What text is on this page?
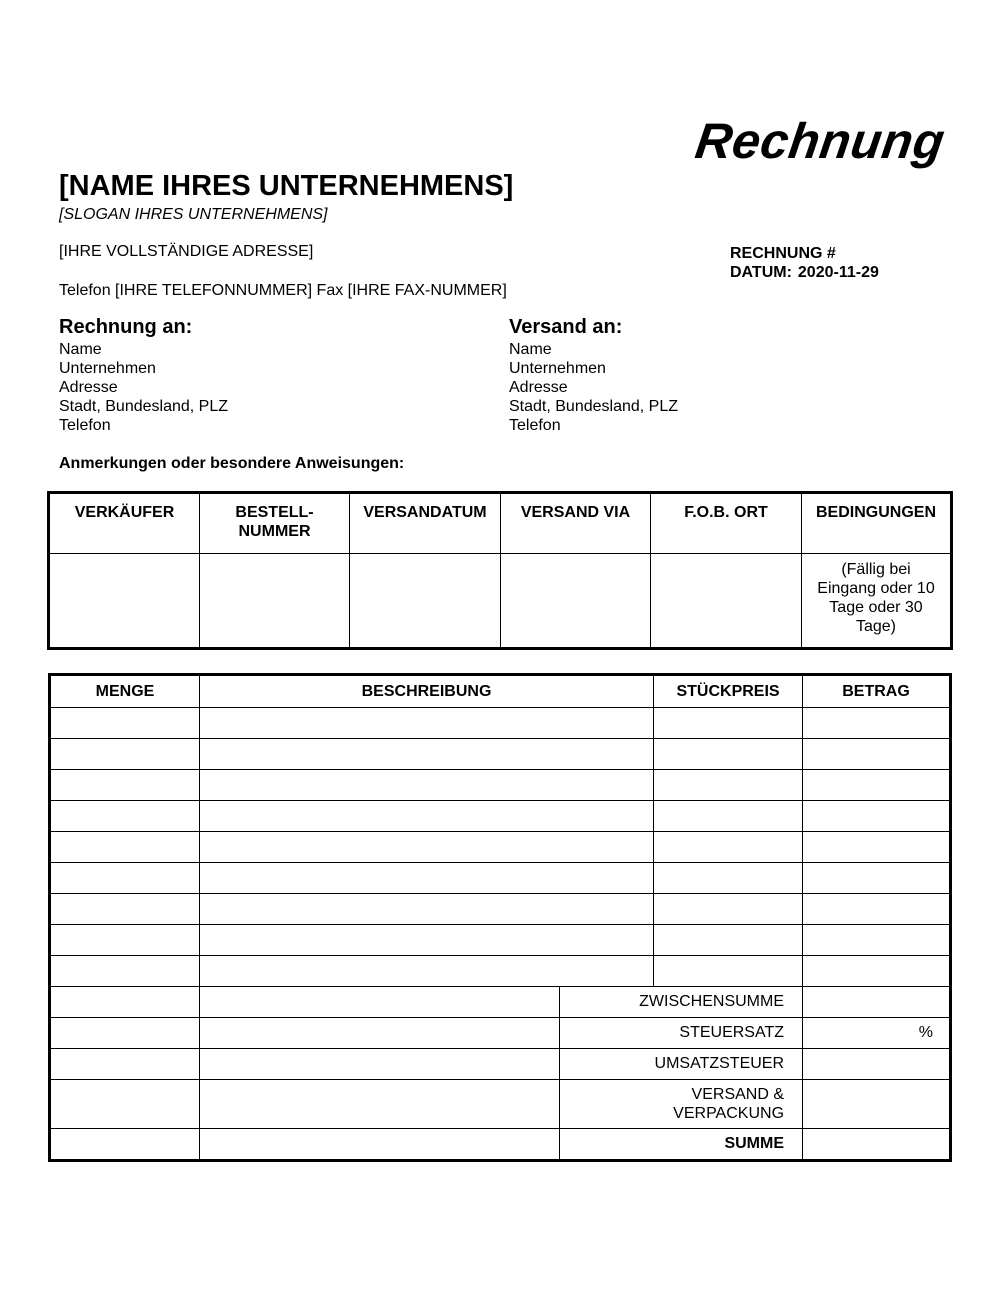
Rechnung
[NAME IHRES UNTERNEHMENS]
[SLOGAN IHRES UNTERNEHMENS]
[IHRE VOLLSTÄNDIGE ADRESSE]
Telefon [IHRE TELEFONNUMMER] Fax [IHRE FAX-NUMMER]
RECHNUNG #
DATUM: 2020-11-29
Rechnung an:
Name
Unternehmen
Adresse
Stadt, Bundesland, PLZ
Telefon
Versand an:
Name
Unternehmen
Adresse
Stadt, Bundesland, PLZ
Telefon
Anmerkungen oder besondere Anweisungen:
VERKÄUFER	BESTELL-
NUMMER	VERSANDATUM	VERSAND VIA	F.O.B. ORT	BEDINGUNGEN

					(Fällig bei Eingang oder 10 Tage oder 30 Tage)
MENGE	BESCHREIBUNG		STÜCKPREIS	BETRAG

		ZWISCHENSUMME		
		STEUERSATZ		%
		UMSATZSTEUER		

		VERSAND &
VERPACKUNG		

		SUMME		
